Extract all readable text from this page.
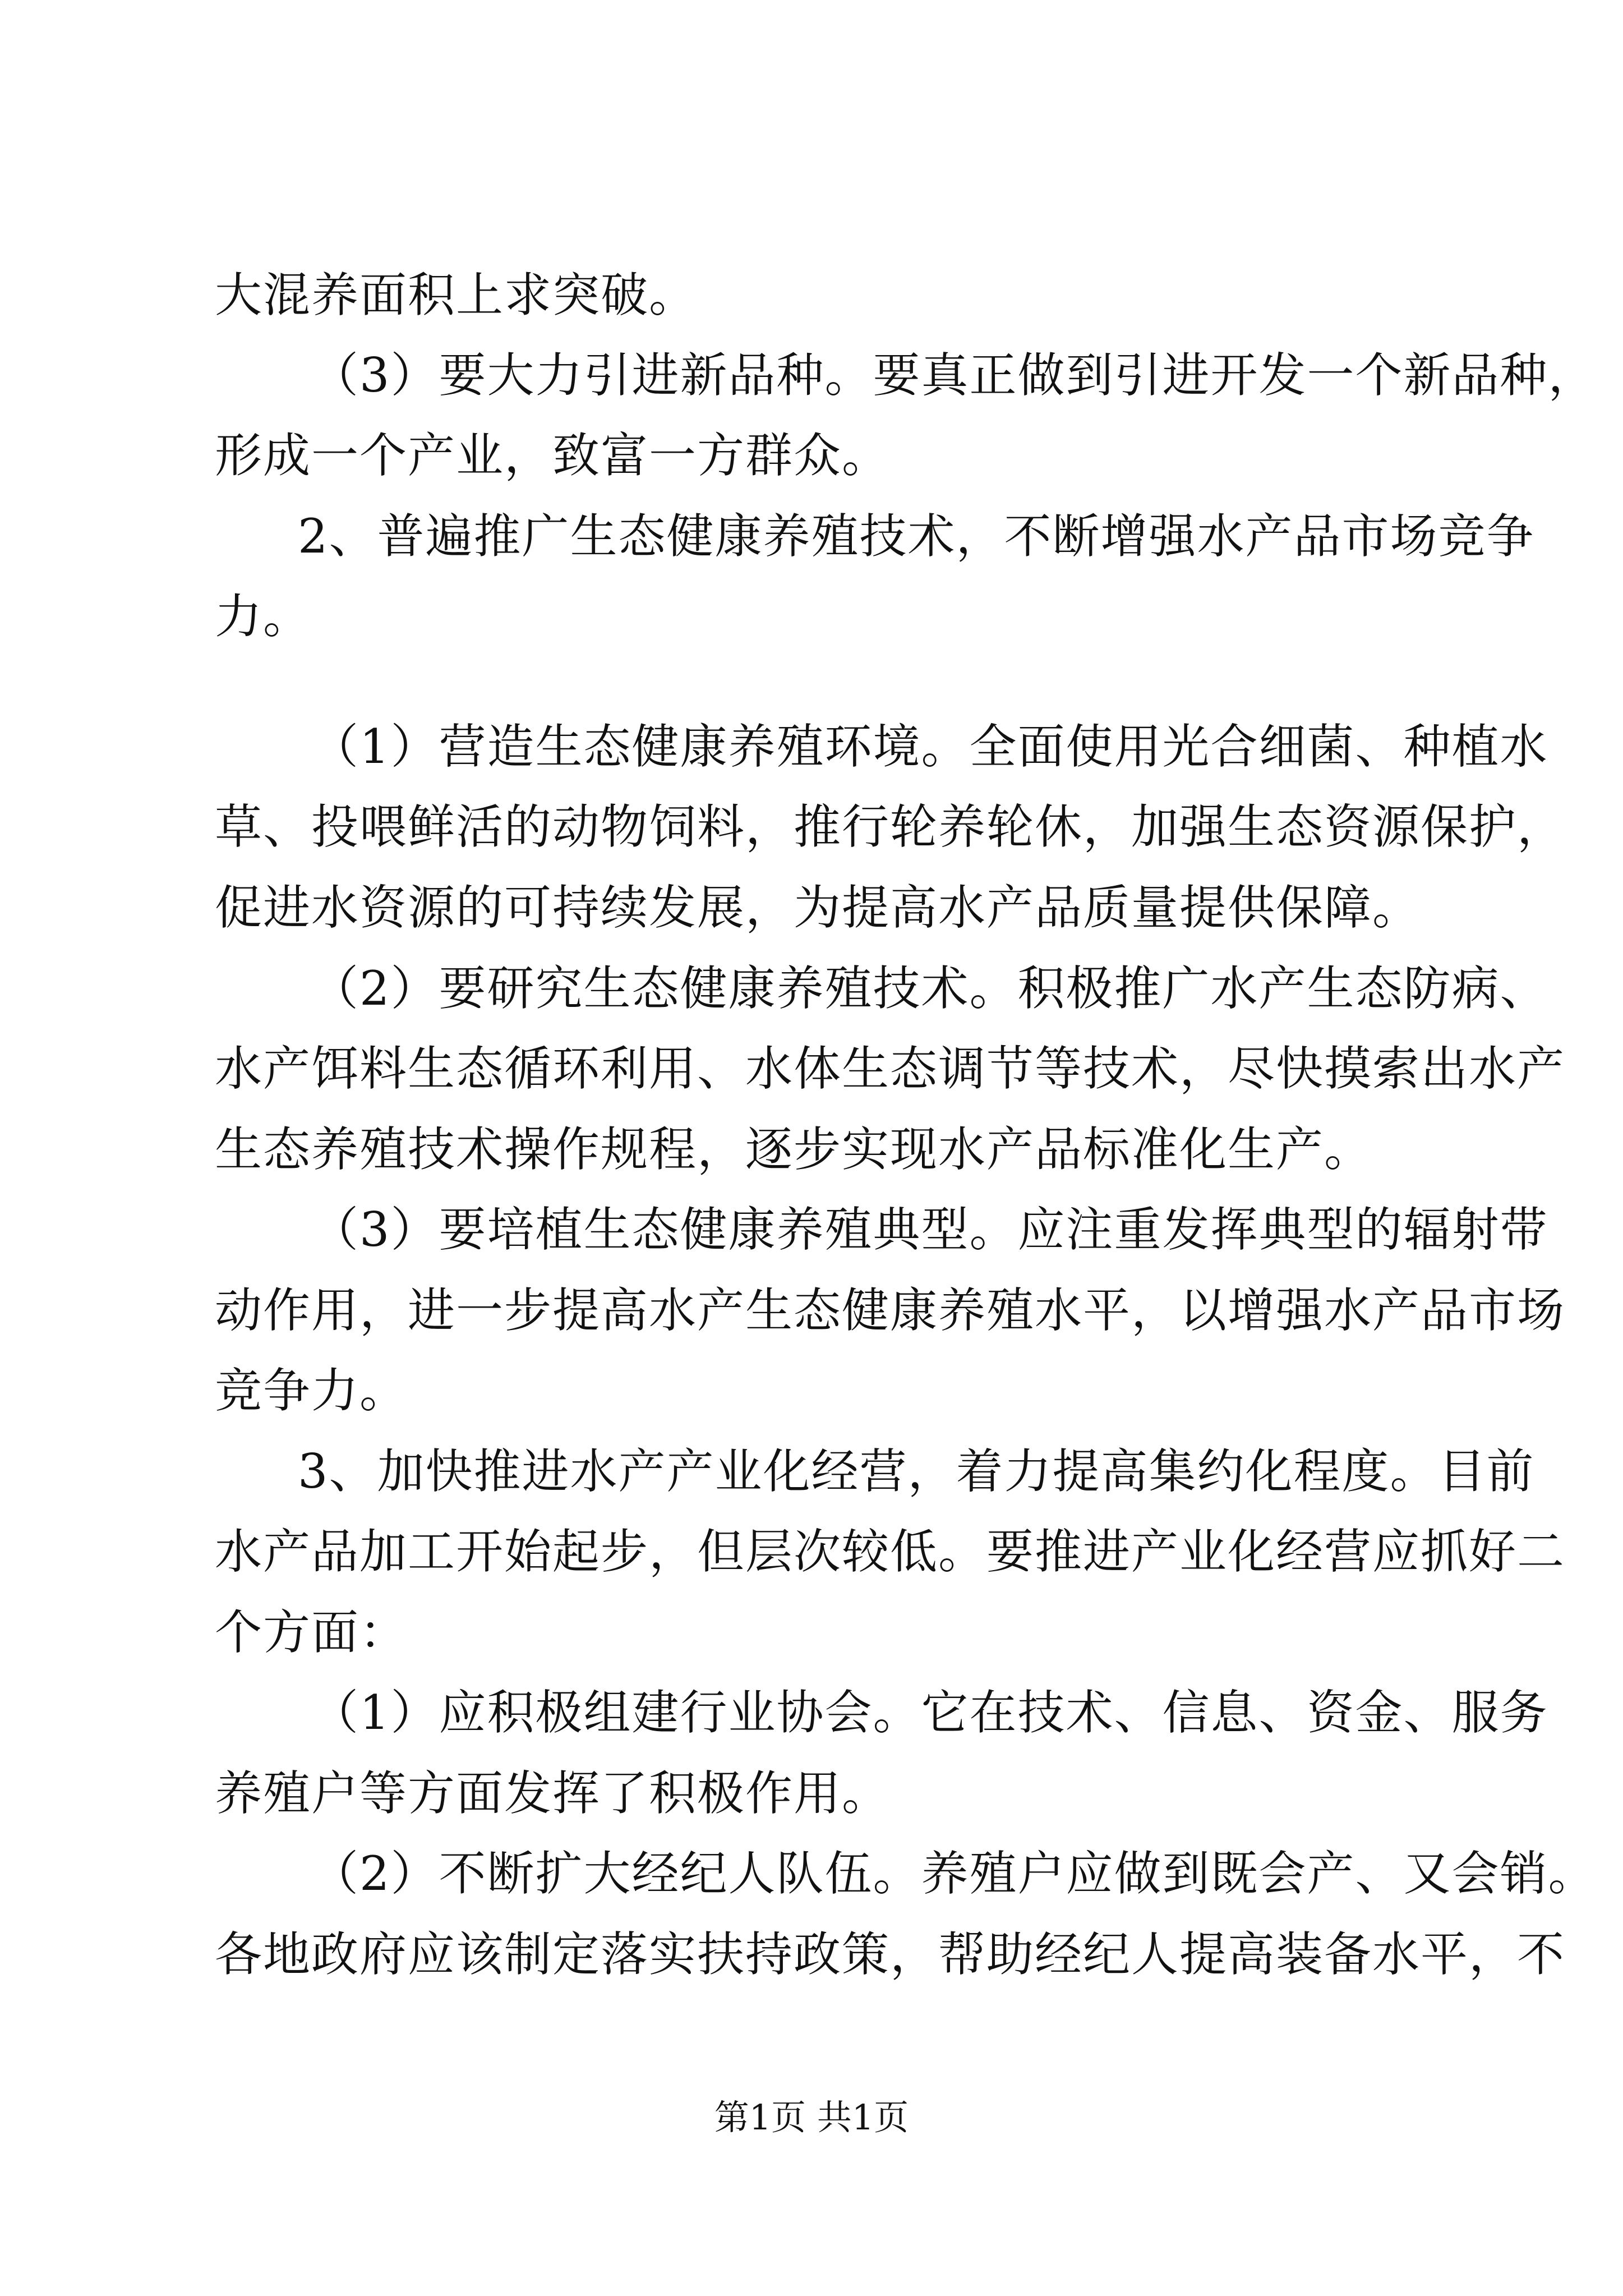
大混养面积上求突破。
（3）要大力引进新品种。要真正做到引进开发一个新品种，
形成一个产业，致富一方群众。
2、普遍推广生态健康养殖技术，不断增强水产品市场竞争
力。
（1）营造生态健康养殖环境。全面使用光合细菌、种植水
草、投喂鲜活的动物饲料，推行轮养轮休，加强生态资源保护，
促进水资源的可持续发展，为提高水产品质量提供保障。
（2）要研究生态健康养殖技术。积极推广水产生态防病、
水产饵料生态循环利用、水体生态调节等技术，尽快摸索出水产
生态养殖技术操作规程，逐步实现水产品标准化生产。
（3）要培植生态健康养殖典型。应注重发挥典型的辐射带
动作用，进一步提高水产生态健康养殖水平，以增强水产品市场
竞争力。
3、加快推进水产产业化经营，着力提高集约化程度。目前
水产品加工开始起步，但层次较低。要推进产业化经营应抓好二
个方面：
（1）应积极组建行业协会。它在技术、信息、资金、服务
养殖户等方面发挥了积极作用。
（2）不断扩大经纪人队伍。养殖户应做到既会产、又会销。
各地政府应该制定落实扶持政策，帮助经纪人提高装备水平，不
第1页 共1页
